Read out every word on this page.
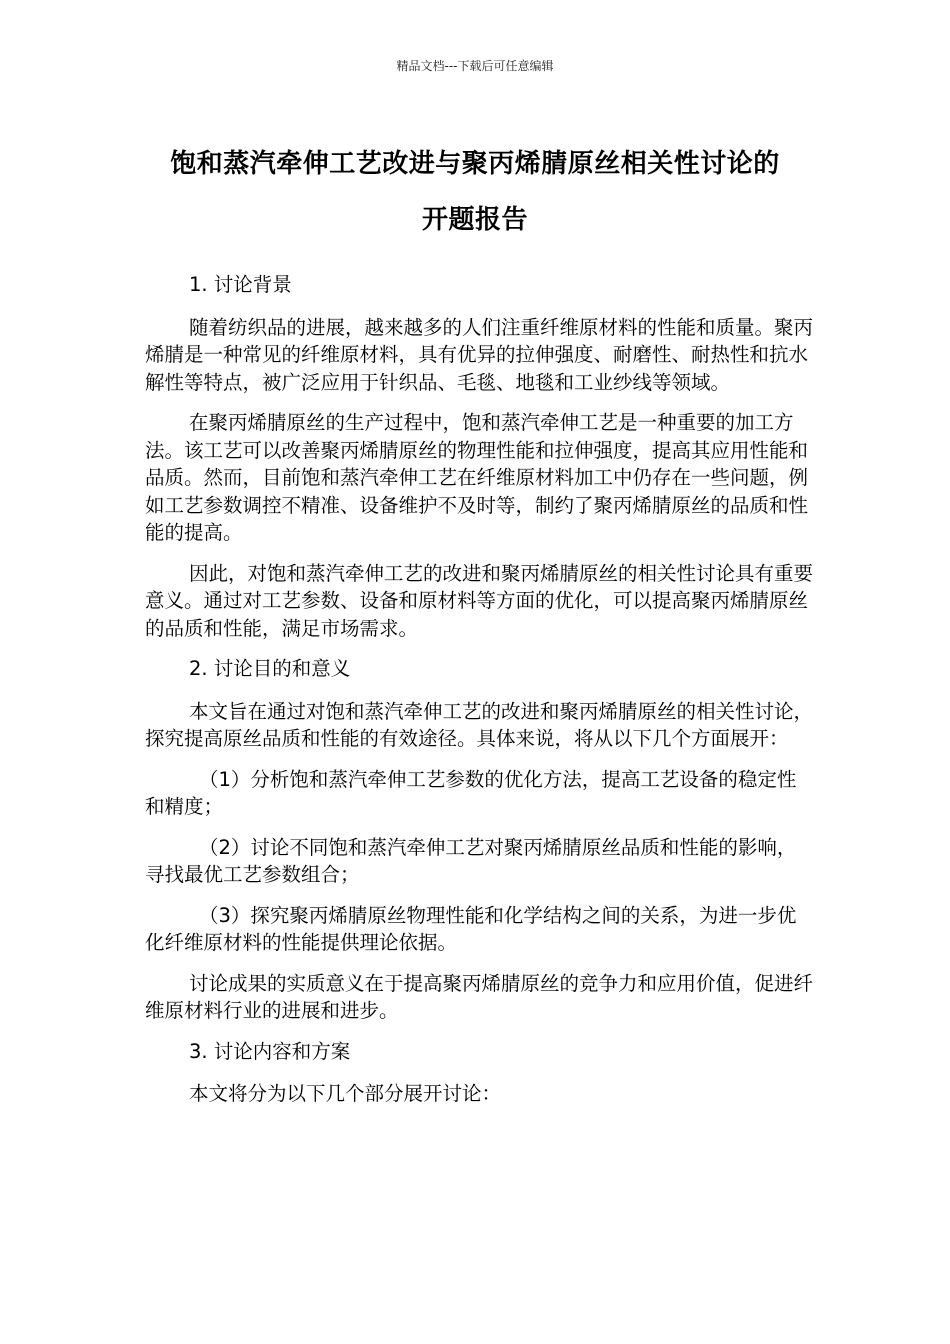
精品文档---下载后可任意编辑
饱和蒸汽牵伸工艺改进与聚丙烯腈原丝相关性讨论的
开题报告

1. 讨论背景

随着纺织品的进展，越来越多的人们注重纤维原材料的性能和质量。聚丙烯腈是一种常见的纤维原材料，具有优异的拉伸强度、耐磨性、耐热性和抗水解性等特点，被广泛应用于针织品、毛毯、地毯和工业纱线等领域。

在聚丙烯腈原丝的生产过程中，饱和蒸汽牵伸工艺是一种重要的加工方法。该工艺可以改善聚丙烯腈原丝的物理性能和拉伸强度，提高其应用性能和品质。然而，目前饱和蒸汽牵伸工艺在纤维原材料加工中仍存在一些问题，例如工艺参数调控不精准、设备维护不及时等，制约了聚丙烯腈原丝的品质和性能的提高。

因此，对饱和蒸汽牵伸工艺的改进和聚丙烯腈原丝的相关性讨论具有重要意义。通过对工艺参数、设备和原材料等方面的优化，可以提高聚丙烯腈原丝的品质和性能，满足市场需求。

2. 讨论目的和意义

本文旨在通过对饱和蒸汽牵伸工艺的改进和聚丙烯腈原丝的相关性讨论，探究提高原丝品质和性能的有效途径。具体来说，将从以下几个方面展开：

（1）分析饱和蒸汽牵伸工艺参数的优化方法，提高工艺设备的稳定性和精度；

（2）讨论不同饱和蒸汽牵伸工艺对聚丙烯腈原丝品质和性能的影响，寻找最优工艺参数组合；

（3）探究聚丙烯腈原丝物理性能和化学结构之间的关系，为进一步优化纤维原材料的性能提供理论依据。

讨论成果的实质意义在于提高聚丙烯腈原丝的竞争力和应用价值，促进纤维原材料行业的进展和进步。

3. 讨论内容和方案

本文将分为以下几个部分展开讨论：
